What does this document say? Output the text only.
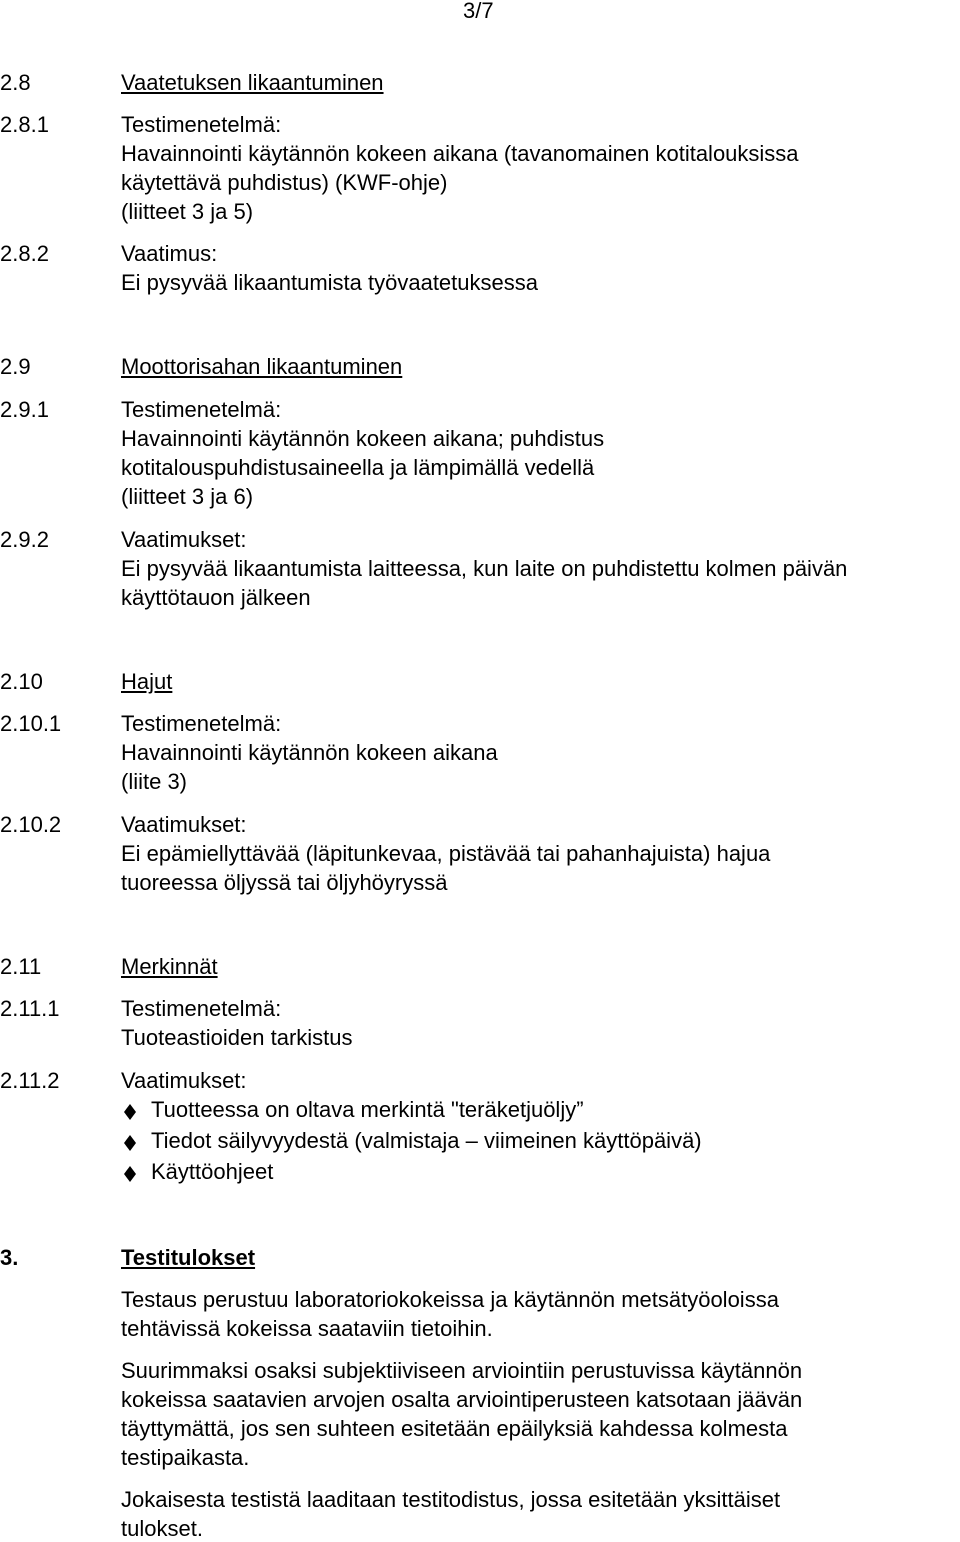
3/7
2.8	Vaatetuksen likaantuminen
2.8.1	Testimenetelmä:
Havainnointi käytännön kokeen aikana (tavanomainen kotitalouksissa
käytettävä puhdistus) (KWF-ohje)
(liitteet 3 ja 5)
2.8.2	Vaatimus:
Ei pysyvää likaantumista työvaatetuksessa
2.9	Moottorisahan likaantuminen
2.9.1	Testimenetelmä:
Havainnointi käytännön kokeen aikana; puhdistus
kotitalouspuhdistusaineella ja lämpimällä vedellä
(liitteet 3 ja 6)
2.9.2	Vaatimukset:
Ei pysyvää likaantumista laitteessa, kun laite on puhdistettu kolmen päivän
käyttötauon jälkeen
2.10	Hajut
2.10.1	Testimenetelmä:
Havainnointi käytännön kokeen aikana
(liite 3)
2.10.2	Vaatimukset:
Ei epämiellyttävää (läpitunkevaa, pistävää tai pahanhajuista) hajua
tuoreessa öljyssä tai öljyhöyryssä
2.11	Merkinnät
2.11.1	Testimenetelmä:
Tuoteastioiden tarkistus
2.11.2	Vaatimukset:
Tuotteessa on oltava merkintä "teräketjuöljy”
Tiedot säilyvyydestä (valmistaja – viimeinen käyttöpäivä)
Käyttöohjeet
3.	Testitulokset
Testaus perustuu laboratoriokokeissa ja käytännön metsätyöoloissa
tehtävissä kokeissa saataviin tietoihin.
Suurimmaksi osaksi subjektiiviseen arviointiin perustuvissa käytännön
kokeissa saatavien arvojen osalta arviointiperusteen katsotaan jäävän
täyttymättä, jos sen suhteen esitetään epäilyksiä kahdessa kolmesta
testipaikasta.
Jokaisesta testistä laaditaan testitodistus, jossa esitetään yksittäiset
tulokset.
